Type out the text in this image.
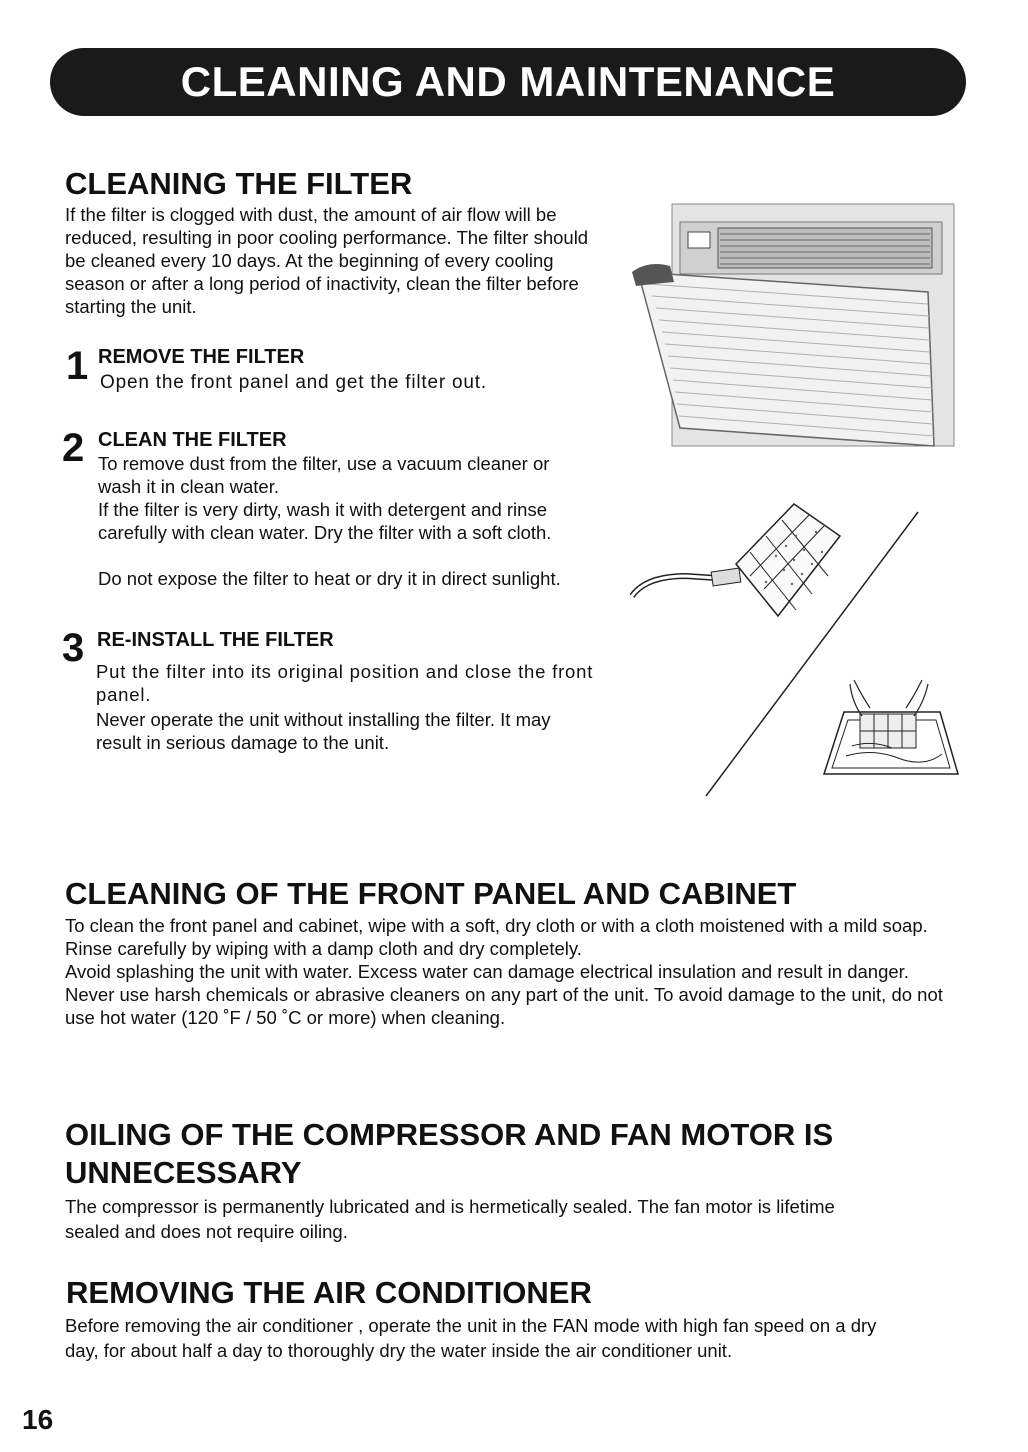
CLEANING AND MAINTENANCE
CLEANING THE FILTER

If the filter is clogged with dust, the amount of air flow will be reduced, resulting in poor cooling performance. The filter should be cleaned every 10 days. At the beginning of every cooling season or after a long period of inactivity, clean the filter before starting the unit.

1 REMOVE THE FILTER

Open the front panel and get the filter out.

2 CLEAN THE FILTER

To remove dust from the filter, use a vacuum cleaner or wash it in clean water.

If the filter is very dirty, wash it with detergent and rinse carefully with clean water. Dry the filter with a soft cloth.

Do not expose the filter to heat or dry it in direct sunlight.

3 RE-INSTALL THE FILTER

Put the filter into its original position and close the front panel.

Never operate the unit without installing the filter. It may result in serious damage to the unit.

CLEANING OF THE FRONT PANEL AND CABINET

To clean the front panel and cabinet, wipe with a soft, dry cloth or with a cloth moistened with a mild soap. Rinse carefully by wiping with a damp cloth and dry completely.

Avoid splashing the unit with water. Excess water can damage electrical insulation and result in danger.

Never use harsh chemicals or abrasive cleaners on any part of the unit. To avoid damage to the unit, do not use hot water (120 ˚F / 50 ˚C or more) when cleaning.

OILING OF THE COMPRESSOR AND FAN MOTOR IS
UNNECESSARY

The compressor is permanently lubricated and is hermetically sealed. The fan motor is lifetime sealed and does not require oiling.

REMOVING THE AIR CONDITIONER

Before removing the air conditioner , operate the unit in the FAN mode with high fan speed on a dry day, for about half a day to thoroughly dry the water inside the air conditioner unit.

16
